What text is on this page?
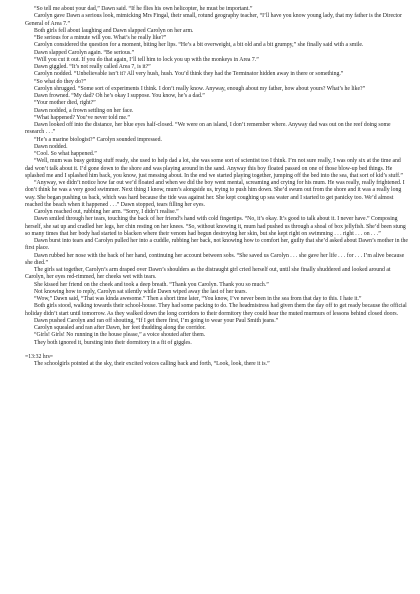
“So tell me about your dad,” Dawn said. “If he flies his own helicopter, he must be important.”

Carolyn gave Dawn a serious look, mimicking Mrs Fingal, their small, rotund geography teacher, “I’ll have you know young lady, that my father is the Director General of Area 7.”

Both girls fell about laughing and Dawn slapped Carolyn on her arm.

“Be serious for a minute will you. What’s he really like?”

Carolyn considered the question for a moment, biting her lips. “He’s a bit overweight, a bit old and a bit grumpy,” she finally said with a smile.

Dawn slapped Carolyn again. “Be serious.”

“Will you cut it out. If you do that again, I’ll tell him to lock you up with the monkeys in Area 7.”

Dawn giggled. “It’s not really called Area 7, is it?”

Carolyn nodded. “Unbelievable isn’t it? All very hush, hush. You’d think they had the Terminator hidden away in there or something.”

“So what do they do?”

Carolyn shrugged. “Some sort of experiments I think. I don’t really know. Anyway, enough about my father, how about yours? What’s he like?”

Dawn frowned. “My dad? Oh he’s okay I suppose. You know, he’s a dad.”

“Your mother died, right?”

Dawn nodded, a frown settling on her face.

“What happened? You’ve never told me.”

Dawn looked off into the distance, her blue eyes half-closed. “We were on an island, I don’t remember where. Anyway dad was out on the reef doing some research . . .”

“He’s a marine biologist?” Carolyn sounded impressed.

Dawn nodded.

“Cool. So what happened.”

“Well, mum was busy getting stuff ready, she used to help dad a lot, she was some sort of scientist too I think. I’m not sure really, I was only six at the time and dad won’t talk about it. I’d gone down to the shore and was playing around in the sand. Anyway this boy floated passed on one of those blow-up bed things. He splashed me and I splashed him back, you know, just messing about. In the end we started playing together, jumping off the bed into the sea, that sort of kid’s stuff.”

“Anyway, we didn’t notice how far out we’d floated and when we did the boy went mental, screaming and crying for his mum. He was really, really frightened. I don’t think he was a very good swimmer. Next thing I know, mum’s alongside us, trying to push him down. She’d swum out from the shore and it was a really long way. She began pushing us back, which was hard because the tide was against her. She kept coughing up sea water and I started to get panicky too. We’d almost reached the beach when it happened . . .” Dawn stopped, tears filling her eyes.

Carolyn reached out, rubbing her arm. “Sorry, I didn’t realise.”

Dawn smiled through her tears, touching the back of her friend’s hand with cold fingertips. “No, it’s okay. It’s good to talk about it. I never have.” Composing herself, she sat up and cradled her legs, her chin resting on her knees. “So, without knowing it, mum had pushed us through a shoal of box jellyfish. She’d been stung so many times that her body had started to blacken where their venom had begun destroying her skin, but she kept right on swimming . . . right . . . on . . .”

Dawn burst into tears and Carolyn pulled her into a cuddle, rubbing her back, not knowing how to comfort her, guilty that she’d asked about Dawn’s mother in the first place.

Dawn rubbed her nose with the back of her hand, continuing her account between sobs. “She saved us Carolyn . . . she gave her life . . . for . . . I’m alive because she died.”

The girls sat together, Carolyn’s arm draped over Dawn’s shoulders as the distraught girl cried herself out, until she finally shuddered and looked around at Carolyn, her eyes red-rimmed, her cheeks wet with tears.

She kissed her friend on the cheek and took a deep breath. “Thank you Carolyn. Thank you so much.”

Not knowing how to reply, Carolyn sat silently while Dawn wiped away the last of her tears.

“Wow,” Dawn said, “That was kinda awesome.” Then a short time later, “You know, I’ve never been in the sea from that day to this. I hate it.”

Both girls stood, walking towards their school-house. They had some packing to do. The headmistress had given them the day off to get ready because the official holiday didn’t start until tomorrow. As they walked down the long corridors to their dormitory they could hear the muted murmurs of lessons behind closed doors.

Dawn pushed Carolyn and ran off shouting, “If I get there first, I’m going to wear your Paul Smith jeans.”

Carolyn squealed and ran after Dawn, her feet thudding along the corridor.

“Girls! Girls! No running in the house please,” a voice shouted after them.

They both ignored it, bursting into their dormitory in a fit of giggles.

=13:32 hrs=

The schoolgirls pointed at the sky, their excited voices calling back and forth, “Look, look, there it is.”
